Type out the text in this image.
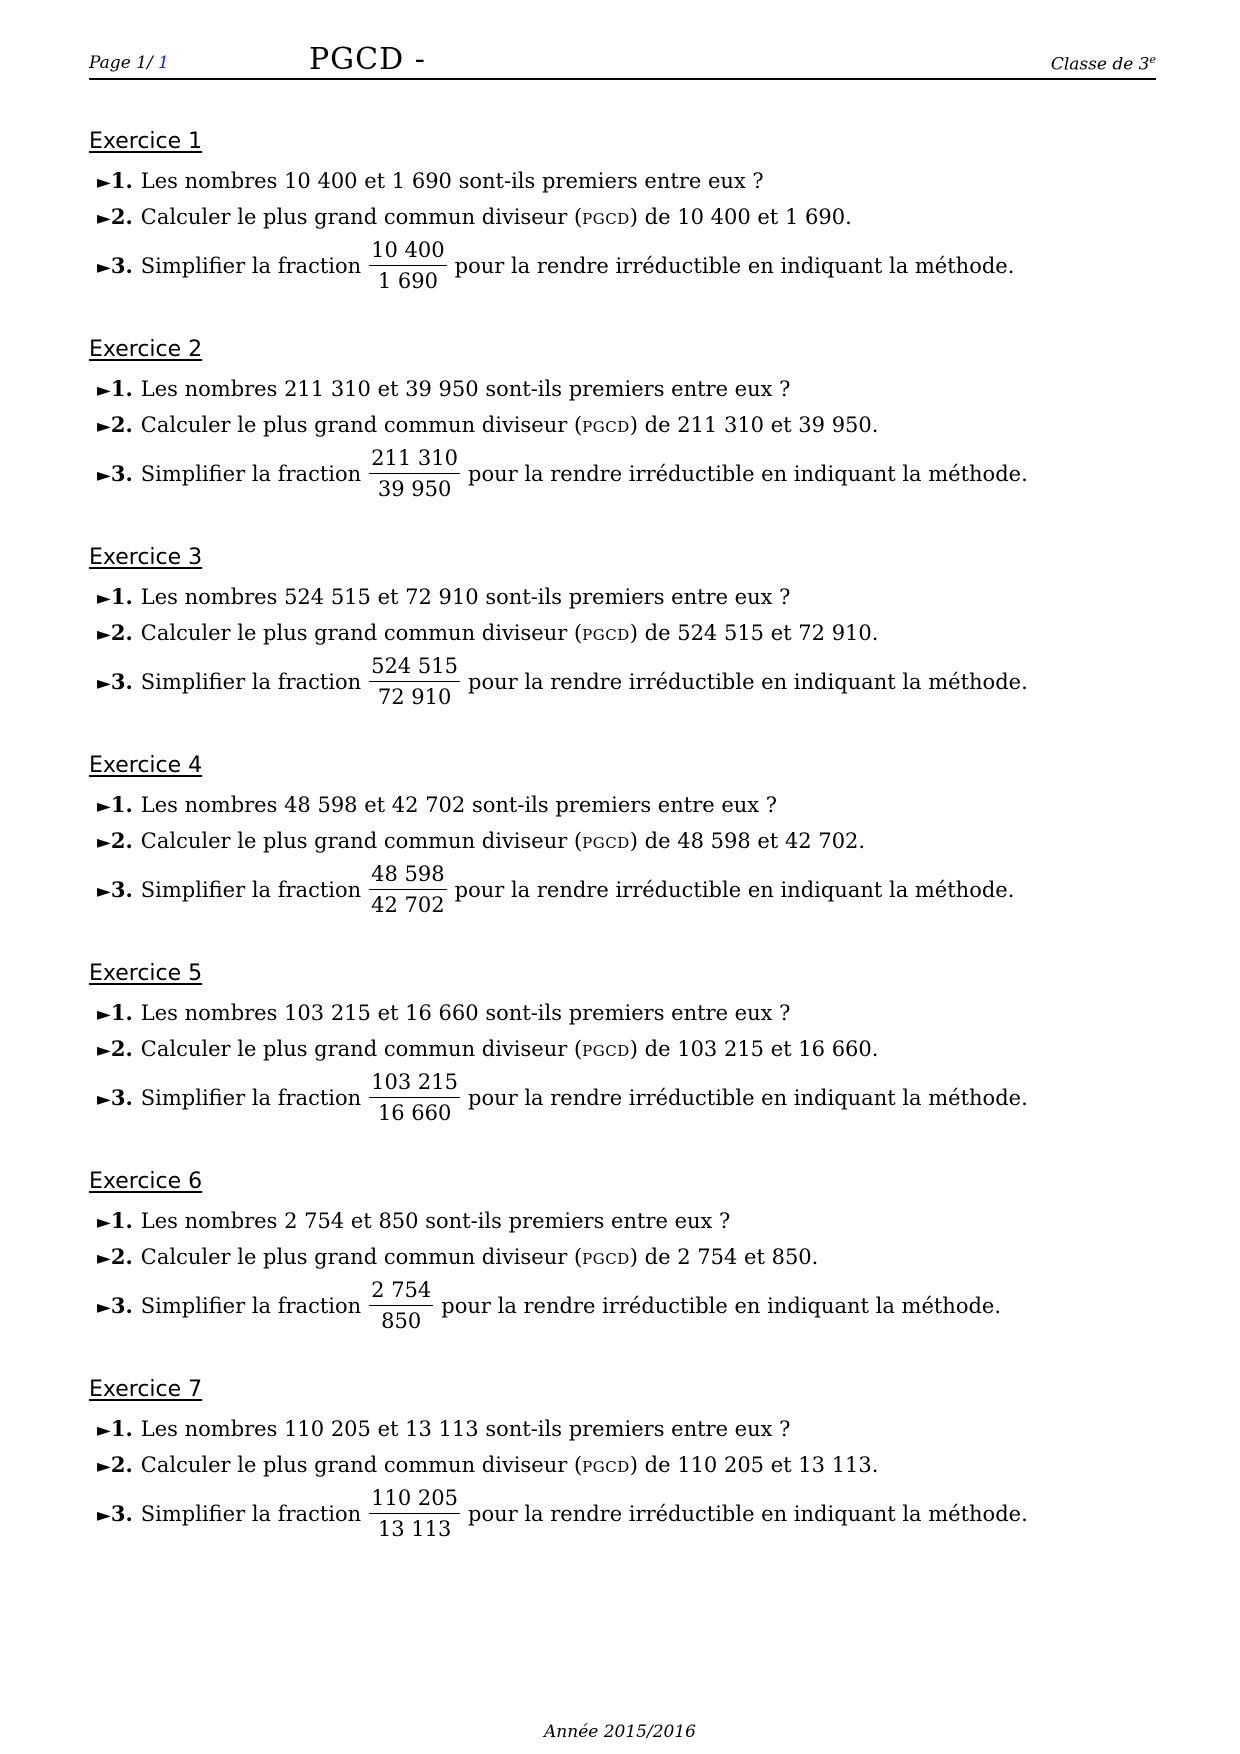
Page 1/ 1	PGCD -	Classe de 3e
Exercice 1
►1. Les nombres 10 400 et 1 690 sont-ils premiers entre eux ?
►2. Calculer le plus grand commun diviseur (pgcd) de 10 400 et 1 690.
►3. Simplifier la fraction $\frac{10 400}{1 690}$ pour la rendre irréductible en indiquant la méthode.
Exercice 2
►1. Les nombres 211 310 et 39 950 sont-ils premiers entre eux ?
►2. Calculer le plus grand commun diviseur (pgcd) de 211 310 et 39 950.
►3. Simplifier la fraction $\frac{211 310}{39 950}$ pour la rendre irréductible en indiquant la méthode.
Exercice 3
►1. Les nombres 524 515 et 72 910 sont-ils premiers entre eux ?
►2. Calculer le plus grand commun diviseur (pgcd) de 524 515 et 72 910.
►3. Simplifier la fraction $\frac{524 515}{72 910}$ pour la rendre irréductible en indiquant la méthode.
Exercice 4
►1. Les nombres 48 598 et 42 702 sont-ils premiers entre eux ?
►2. Calculer le plus grand commun diviseur (pgcd) de 48 598 et 42 702.
►3. Simplifier la fraction $\frac{48 598}{42 702}$ pour la rendre irréductible en indiquant la méthode.
Exercice 5
►1. Les nombres 103 215 et 16 660 sont-ils premiers entre eux ?
►2. Calculer le plus grand commun diviseur (pgcd) de 103 215 et 16 660.
►3. Simplifier la fraction $\frac{103 215}{16 660}$ pour la rendre irréductible en indiquant la méthode.
Exercice 6
►1. Les nombres 2 754 et 850 sont-ils premiers entre eux ?
►2. Calculer le plus grand commun diviseur (pgcd) de 2 754 et 850.
►3. Simplifier la fraction $\frac{2 754}{850}$ pour la rendre irréductible en indiquant la méthode.
Exercice 7
►1. Les nombres 110 205 et 13 113 sont-ils premiers entre eux ?
►2. Calculer le plus grand commun diviseur (pgcd) de 110 205 et 13 113.
►3. Simplifier la fraction $\frac{110 205}{13 113}$ pour la rendre irréductible en indiquant la méthode.
Année 2015/2016
